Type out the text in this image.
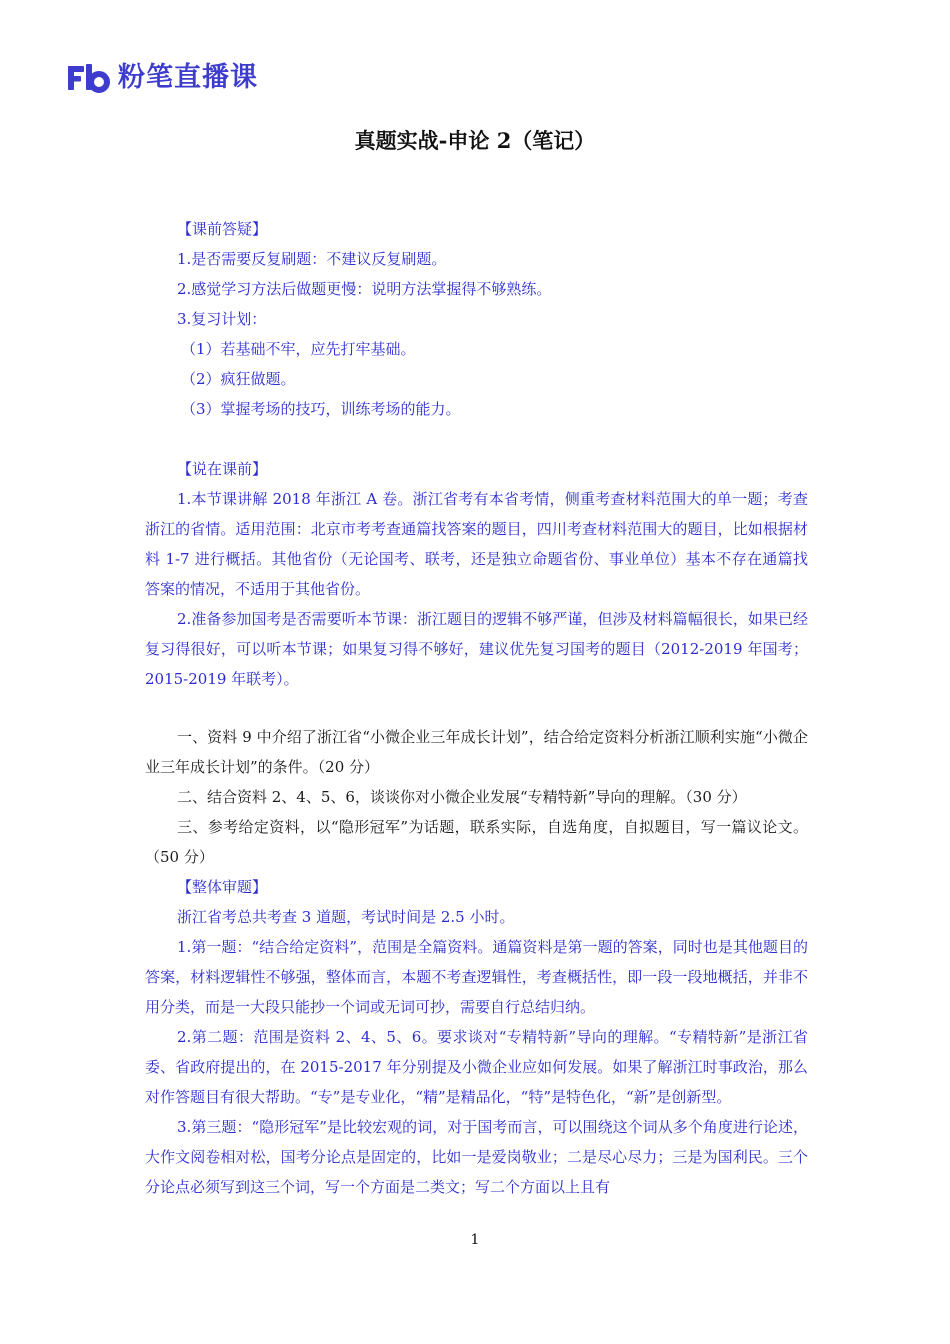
粉笔直播课
真题实战-申论 2（笔记）

【课前答疑】

1.是否需要反复刷题：不建议反复刷题。

2.感觉学习方法后做题更慢：说明方法掌握得不够熟练。

3.复习计划：

（1）若基础不牢，应先打牢基础。

（2）疯狂做题。

（3）掌握考场的技巧，训练考场的能力。

【说在课前】

1.本节课讲解 2018 年浙江 A 卷。浙江省考有本省考情，侧重考查材料范围大的单一题；考查浙江的省情。适用范围：北京市考考查通篇找答案的题目，四川考查材料范围大的题目，比如根据材料 1-7 进行概括。其他省份（无论国考、联考，还是独立命题省份、事业单位）基本不存在通篇找答案的情况，不适用于其他省份。

2.准备参加国考是否需要听本节课：浙江题目的逻辑不够严谨，但涉及材料篇幅很长，如果已经复习得很好，可以听本节课；如果复习得不够好，建议优先复习国考的题目（2012-2019 年国考；2015-2019 年联考）。

一、资料 9 中介绍了浙江省“小微企业三年成长计划”，结合给定资料分析浙江顺利实施“小微企业三年成长计划”的条件。（20 分）

二、结合资料 2、4、5、6，谈谈你对小微企业发展“专精特新”导向的理解。（30 分）

三、参考给定资料，以“隐形冠军”为话题，联系实际，自选角度，自拟题目，写一篇议论文。（50 分）

【整体审题】

浙江省考总共考查 3 道题，考试时间是 2.5 小时。

1.第一题：“结合给定资料”，范围是全篇资料。通篇资料是第一题的答案，同时也是其他题目的答案，材料逻辑性不够强，整体而言，本题不考查逻辑性，考查概括性，即一段一段地概括，并非不用分类，而是一大段只能抄一个词或无词可抄，需要自行总结归纳。

2.第二题：范围是资料 2、4、5、6。要求谈对“专精特新”导向的理解。“专精特新”是浙江省委、省政府提出的，在 2015-2017 年分别提及小微企业应如何发展。如果了解浙江时事政治，那么对作答题目有很大帮助。“专”是专业化，“精”是精品化，“特”是特色化，“新”是创新型。

3.第三题：“隐形冠军”是比较宏观的词，对于国考而言，可以围绕这个词从多个角度进行论述，大作文阅卷相对松，国考分论点是固定的，比如一是爱岗敬业；二是尽心尽力；三是为国利民。三个分论点必须写到这三个词，写一个方面是二类文；写二个方面以上且有

1
